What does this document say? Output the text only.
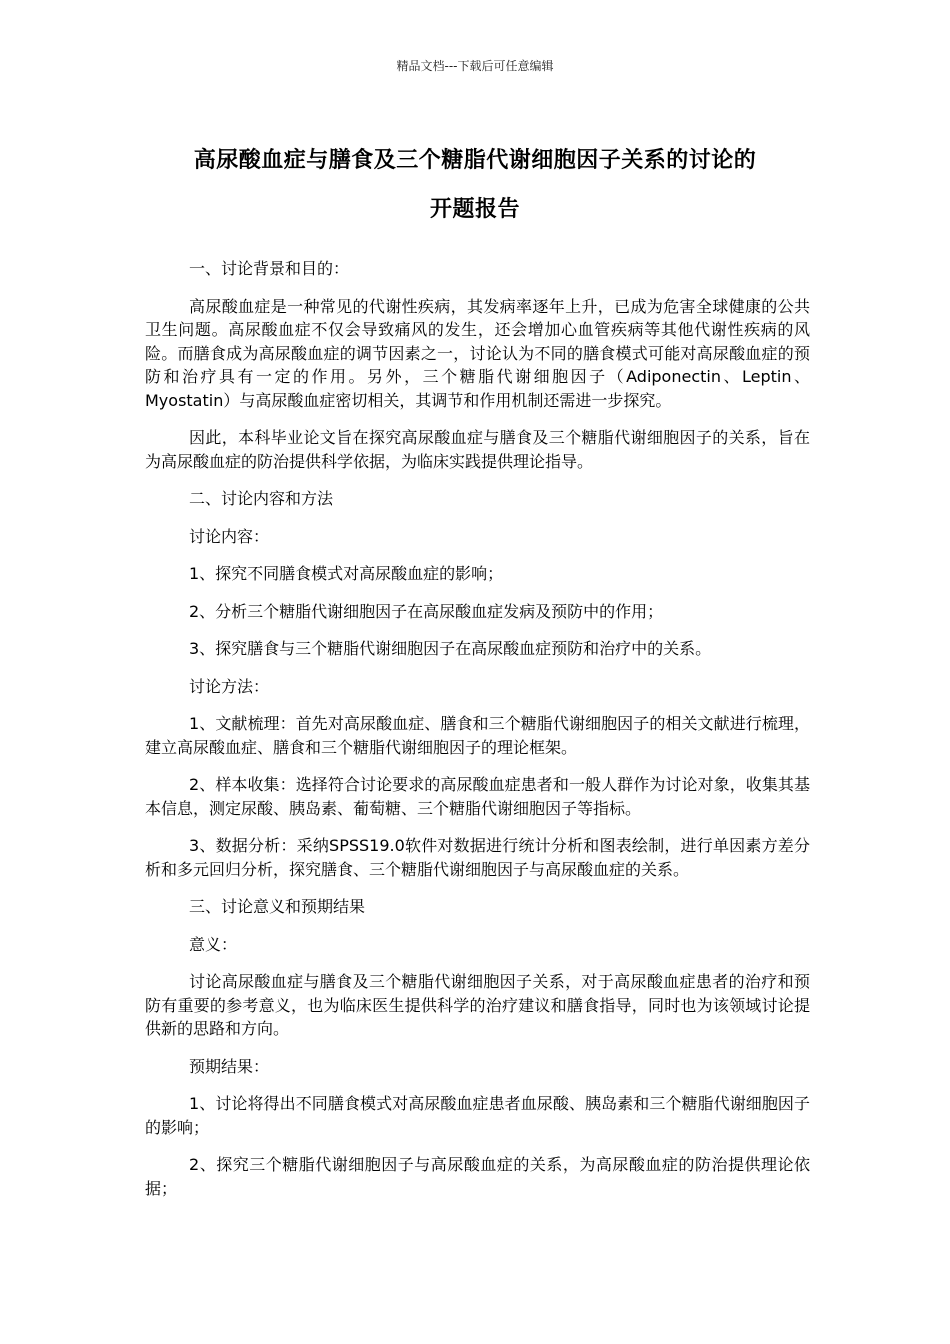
精品文档---下载后可任意编辑
高尿酸血症与膳食及三个糖脂代谢细胞因子关系的讨论的
开题报告

一、讨论背景和目的：

高尿酸血症是一种常见的代谢性疾病，其发病率逐年上升，已成为危害全球健康的公共卫生问题。高尿酸血症不仅会导致痛风的发生，还会增加心血管疾病等其他代谢性疾病的风险。而膳食成为高尿酸血症的调节因素之一，讨论认为不同的膳食模式可能对高尿酸血症的预防和治疗具有一定的作用。另外，三个糖脂代谢细胞因子（Adiponectin、Leptin、Myostatin）与高尿酸血症密切相关，其调节和作用机制还需进一步探究。

因此，本科毕业论文旨在探究高尿酸血症与膳食及三个糖脂代谢细胞因子的关系，旨在为高尿酸血症的防治提供科学依据，为临床实践提供理论指导。

二、讨论内容和方法

讨论内容：

1、探究不同膳食模式对高尿酸血症的影响；

2、分析三个糖脂代谢细胞因子在高尿酸血症发病及预防中的作用；

3、探究膳食与三个糖脂代谢细胞因子在高尿酸血症预防和治疗中的关系。

讨论方法：

1、文献梳理：首先对高尿酸血症、膳食和三个糖脂代谢细胞因子的相关文献进行梳理，建立高尿酸血症、膳食和三个糖脂代谢细胞因子的理论框架。

2、样本收集：选择符合讨论要求的高尿酸血症患者和一般人群作为讨论对象，收集其基本信息，测定尿酸、胰岛素、葡萄糖、三个糖脂代谢细胞因子等指标。

3、数据分析：采纳SPSS19.0软件对数据进行统计分析和图表绘制，进行单因素方差分析和多元回归分析，探究膳食、三个糖脂代谢细胞因子与高尿酸血症的关系。

三、讨论意义和预期结果

意义：

讨论高尿酸血症与膳食及三个糖脂代谢细胞因子关系，对于高尿酸血症患者的治疗和预防有重要的参考意义，也为临床医生提供科学的治疗建议和膳食指导，同时也为该领域讨论提供新的思路和方向。

预期结果：

1、讨论将得出不同膳食模式对高尿酸血症患者血尿酸、胰岛素和三个糖脂代谢细胞因子的影响；

2、探究三个糖脂代谢细胞因子与高尿酸血症的关系，为高尿酸血症的防治提供理论依据；
